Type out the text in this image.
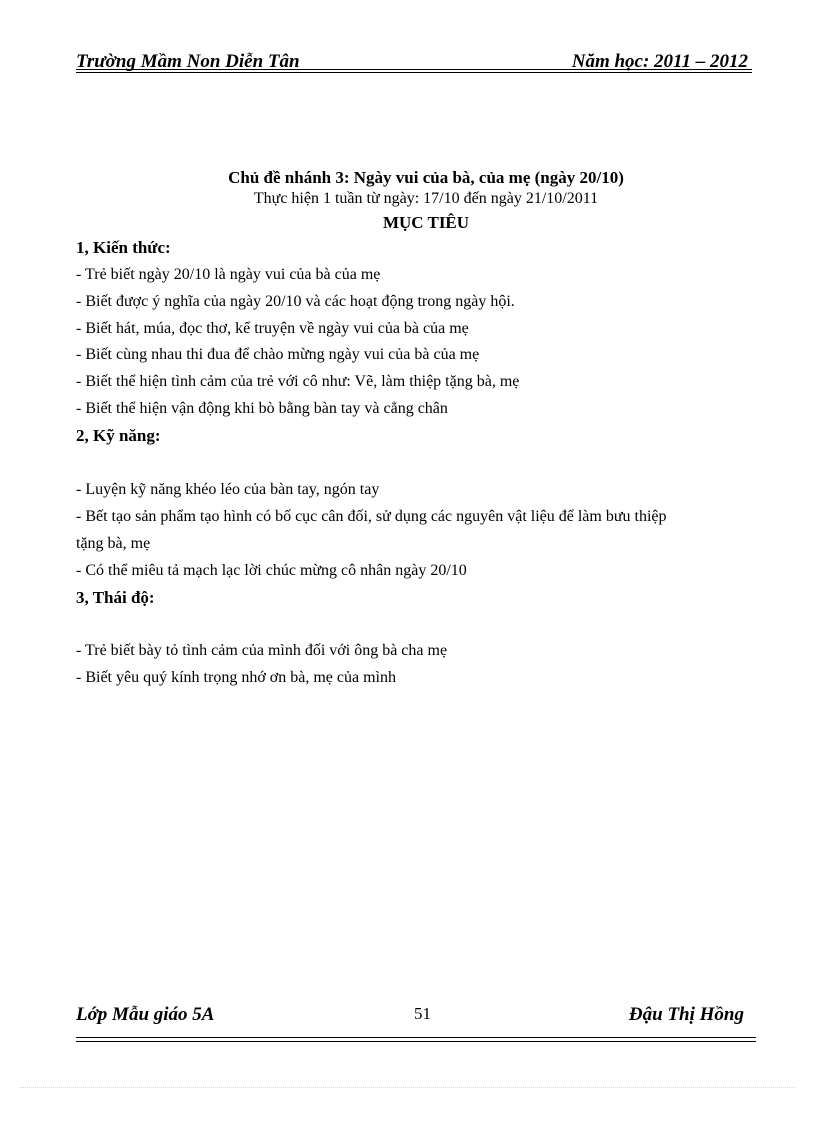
Trường Mầm Non Diễn Tân	Năm học: 2011 – 2012
Chủ đề nhánh 3: Ngày vui của bà, của mẹ (ngày 20/10)
Thực hiện 1 tuần từ ngày: 17/10 đến ngày 21/10/2011
MỤC TIÊU
1, Kiến thức:
- Trẻ biết ngày 20/10 là ngày vui của bà của mẹ
- Biết được ý nghĩa của ngày 20/10 và các hoạt động trong ngày hội.
- Biết hát, múa, đọc thơ, kể truyện về ngày vui của bà của mẹ
- Biết cùng nhau thi đua để chào mừng ngày vui của bà của mẹ
- Biết thể hiện tình cảm của trẻ với cô như: Vẽ, làm thiệp tặng bà, mẹ
- Biết thể hiện vận động khi bò bằng bàn tay và cẳng chân
2, Kỹ năng:
- Luyện kỹ năng khéo léo của bàn tay, ngón tay
- Bết tạo sản phẩm tạo hình có bố cục cân đối, sử dụng các nguyên vật liệu để làm bưu thiệp
tặng bà, mẹ
- Có thể miêu tả mạch lạc lời chúc mừng cô nhân ngày 20/10
3, Thái độ:
- Trẻ biết bày tỏ tình cảm của mình đối với ông bà cha mẹ
- Biết yêu quý kính trọng nhớ ơn bà, mẹ của mình
Lớp Mẫu giáo 5A	51	Đậu Thị Hồng
